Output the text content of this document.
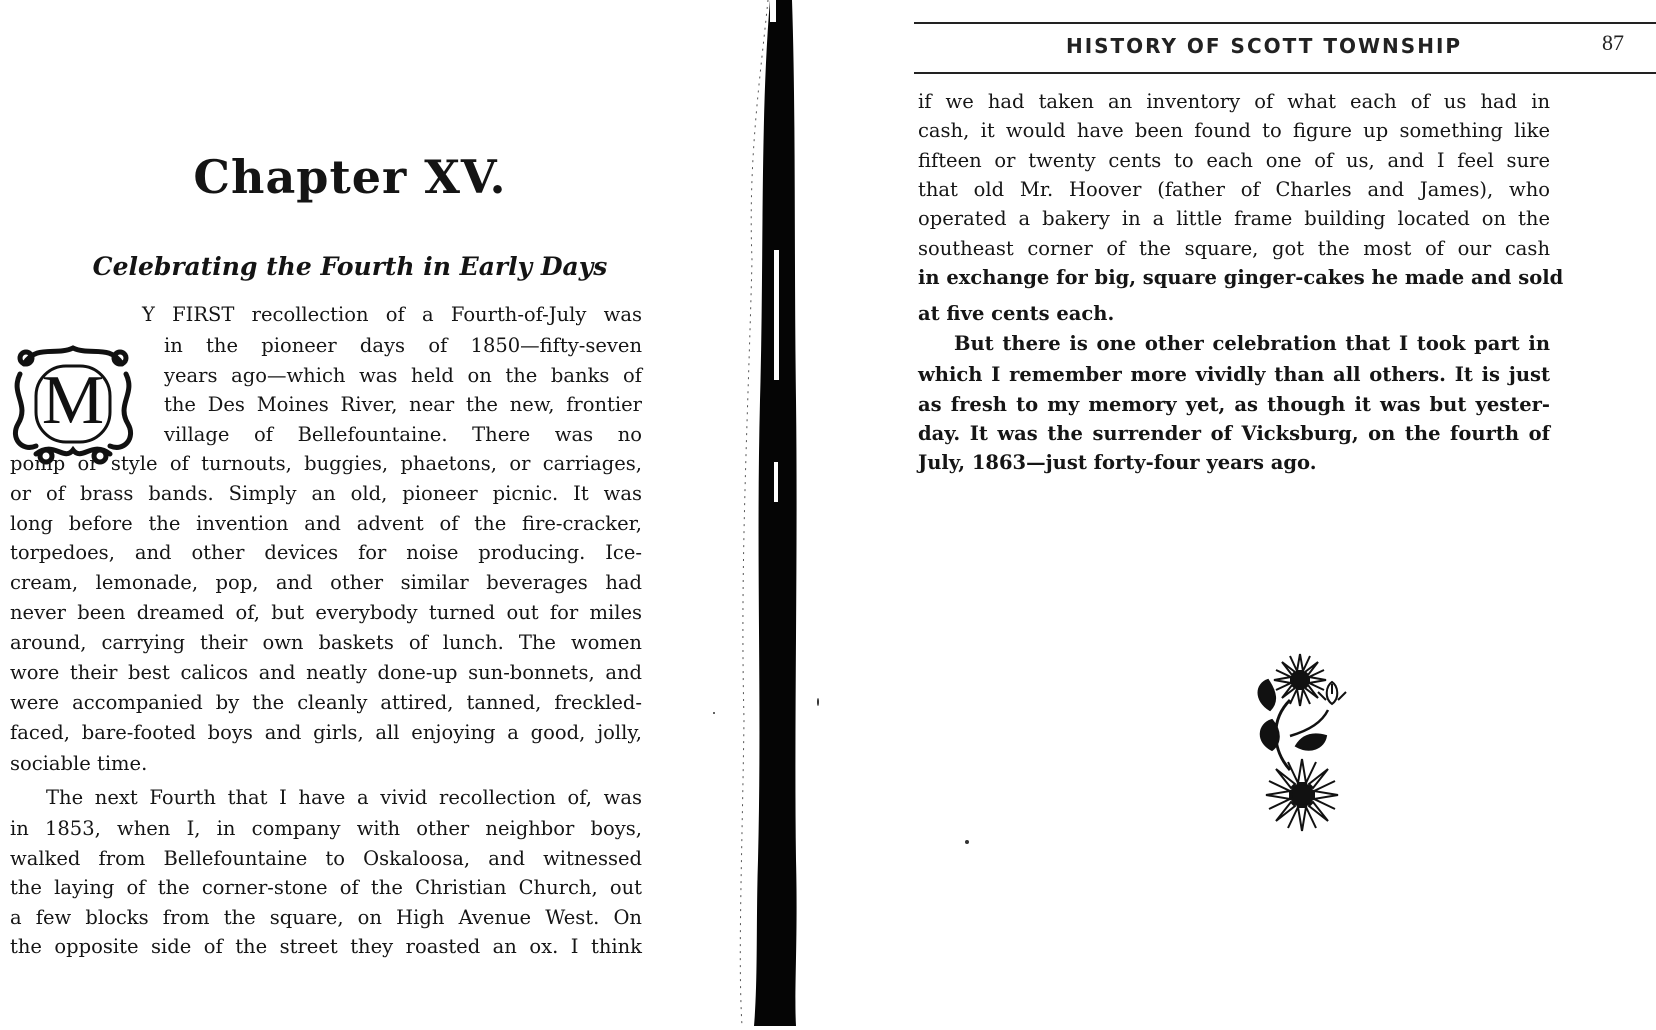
Chapter XV.
Celebrating the Fourth in Early Days
M
Y FIRST recollection of a Fourth-of-July was
in the pioneer days of 1850—fifty-seven
years ago—which was held on the banks of
the Des Moines River, near the new, frontier
village of Bellefountaine. There was no
pomp or style of turnouts, buggies, phaetons, or carriages,
or of brass bands. Simply an old, pioneer picnic. It was
long before the invention and advent of the fire-cracker,
torpedoes, and other devices for noise producing. Ice-
cream, lemonade, pop, and other similar beverages had
never been dreamed of, but everybody turned out for miles
around, carrying their own baskets of lunch. The women
wore their best calicos and neatly done-up sun-bonnets, and
were accompanied by the cleanly attired, tanned, freckled-
faced, bare-footed boys and girls, all enjoying a good, jolly,
sociable time.
The next Fourth that I have a vivid recollection of, was
in 1853, when I, in company with other neighbor boys,
walked from Bellefountaine to Oskaloosa, and witnessed
the laying of the corner-stone of the Christian Church, out
a few blocks from the square, on High Avenue West. On
the opposite side of the street they roasted an ox. I think
HISTORY OF SCOTT TOWNSHIP	87
if we had taken an inventory of what each of us had in
cash, it would have been found to figure up something like
fifteen or twenty cents to each one of us, and I feel sure
that old Mr. Hoover (father of Charles and James), who
operated a bakery in a little frame building located on the
southeast corner of the square, got the most of our cash
in exchange for big, square ginger-cakes he made and sold
at five cents each.
But there is one other celebration that I took part in
which I remember more vividly than all others. It is just
as fresh to my memory yet, as though it was but yester-
day. It was the surrender of Vicksburg, on the fourth of
July, 1863—just forty-four years ago.
